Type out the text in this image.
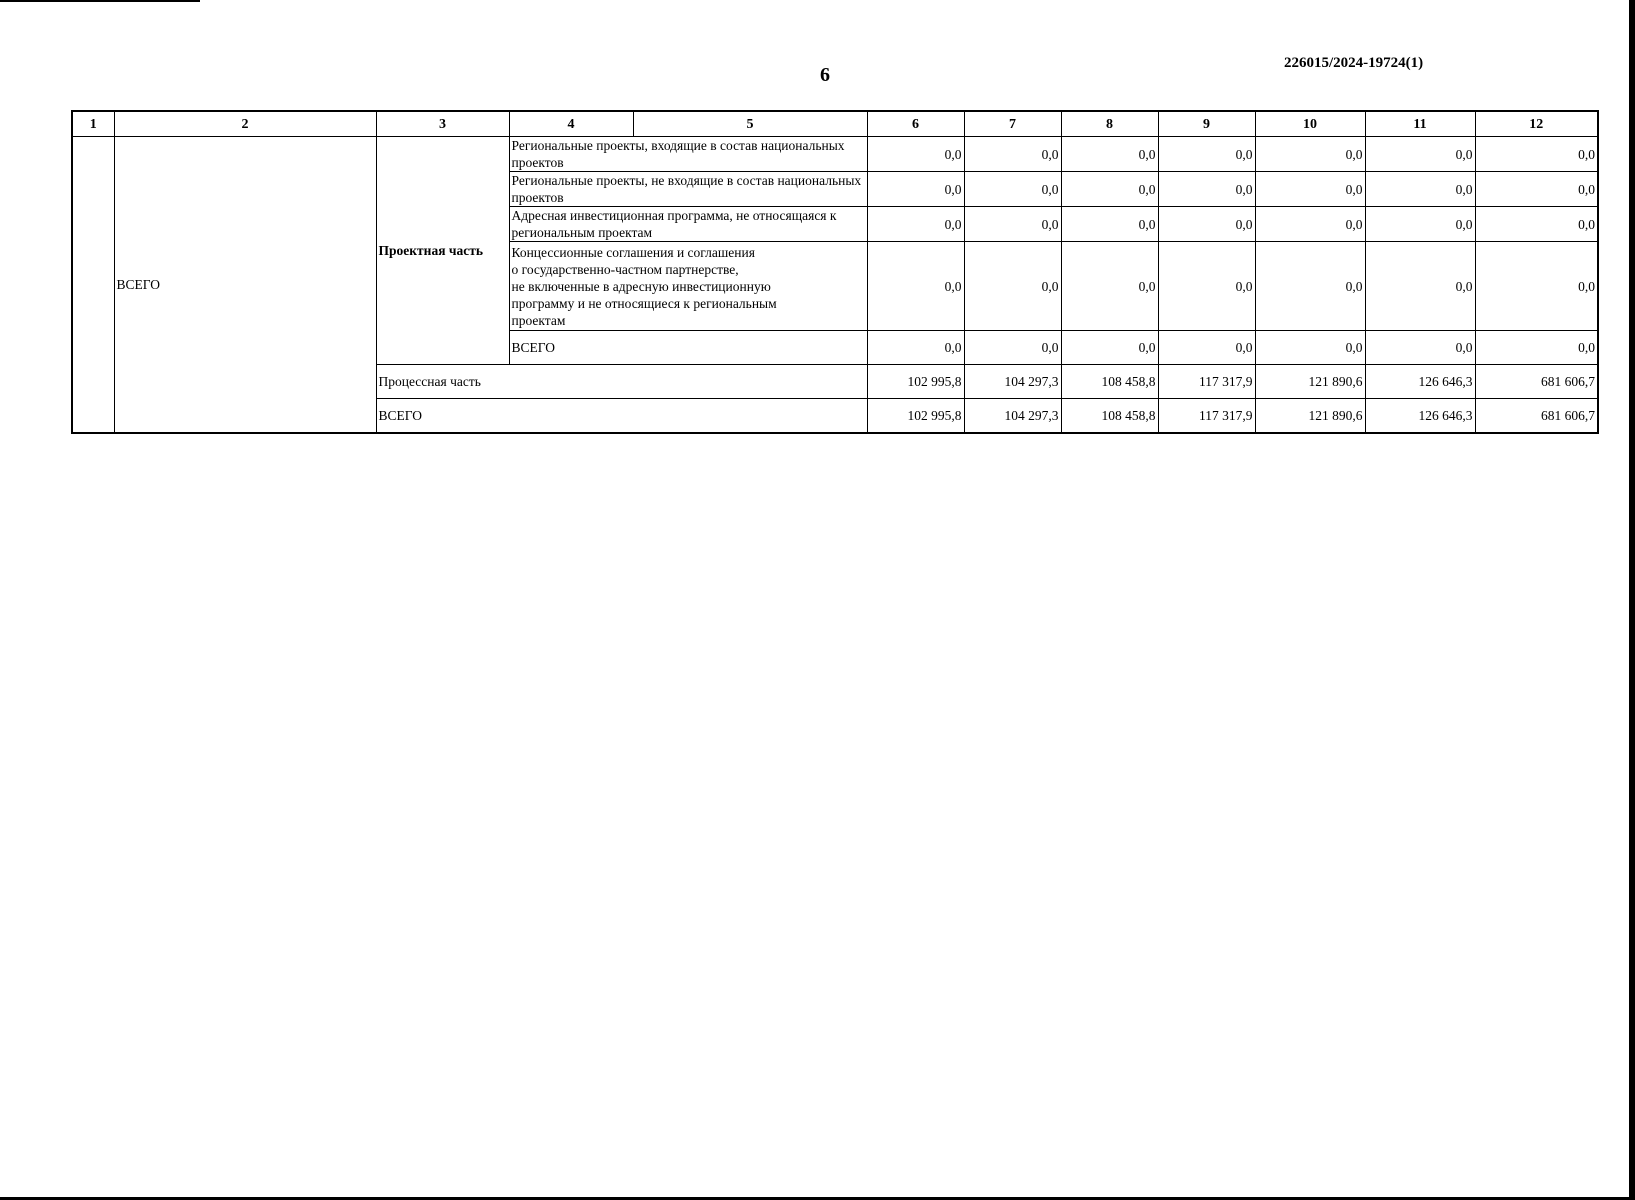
6
226015/2024-19724(1)
1	2	3	4	5	6	7	8	9	10	11	12
	ВСЕГО	Проектная часть	Региональные проекты, входящие в состав национальных проектов		0,0	0,0	0,0	0,0	0,0	0,0	0,0
			Региональные проекты, не входящие в состав национальных проектов		0,0	0,0	0,0	0,0	0,0	0,0	0,0
			Адресная инвестиционная программа, не относящаяся к региональным проектам		0,0	0,0	0,0	0,0	0,0	0,0	0,0

			Концессионные соглашения и соглашения
о государственно-частном партнерстве,
не включенные в адресную инвестиционную
программу и не относящиеся к региональным
проектам		0,0	0,0	0,0	0,0	0,0	0,0	0,0
			ВСЕГО		0,0	0,0	0,0	0,0	0,0	0,0	0,0
		Процессная часть			102 995,8	104 297,3	108 458,8	117 317,9	121 890,6	126 646,3	681 606,7
		ВСЕГО			102 995,8	104 297,3	108 458,8	117 317,9	121 890,6	126 646,3	681 606,7
